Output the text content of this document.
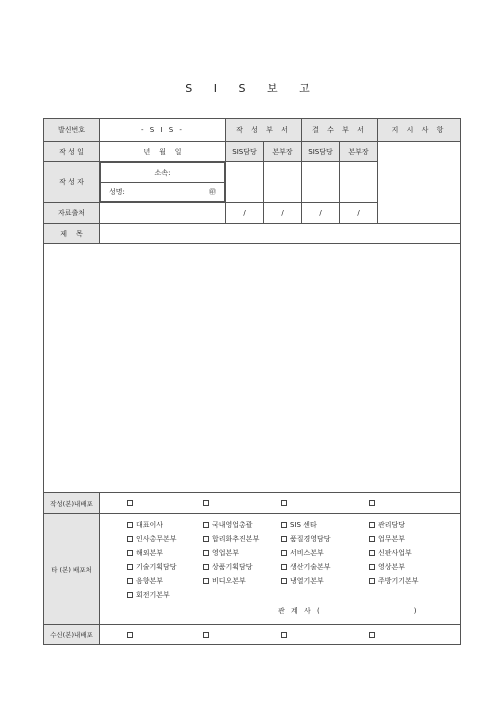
S I S 보 고
발신번호	- S I S -	작 성 부 서	결 수 부 서	지 시 사 항
작 성 일	년    월    일	SIS담당	본부장	SIS담당	본부장	
작 성 자	
소속:
성명:	㊞

자료출처		/	/	/	/	
제    목	

작성(본)내배포	

타 (본) 배포처	
대표이사	국내영업총괄	SIS 센타	관리담당
인사총무본부	합리화추진본부	품질경영담당	업무본부
해외본부	영업본부	서비스본부	신판사업부
기술기획담당	상품기획담당	생산기술본부	영상본부
음향본부	비디오본부	냉열기본부	주방기기본부
회전기본부
관 계 사 (	)

수신(본)내배포	
